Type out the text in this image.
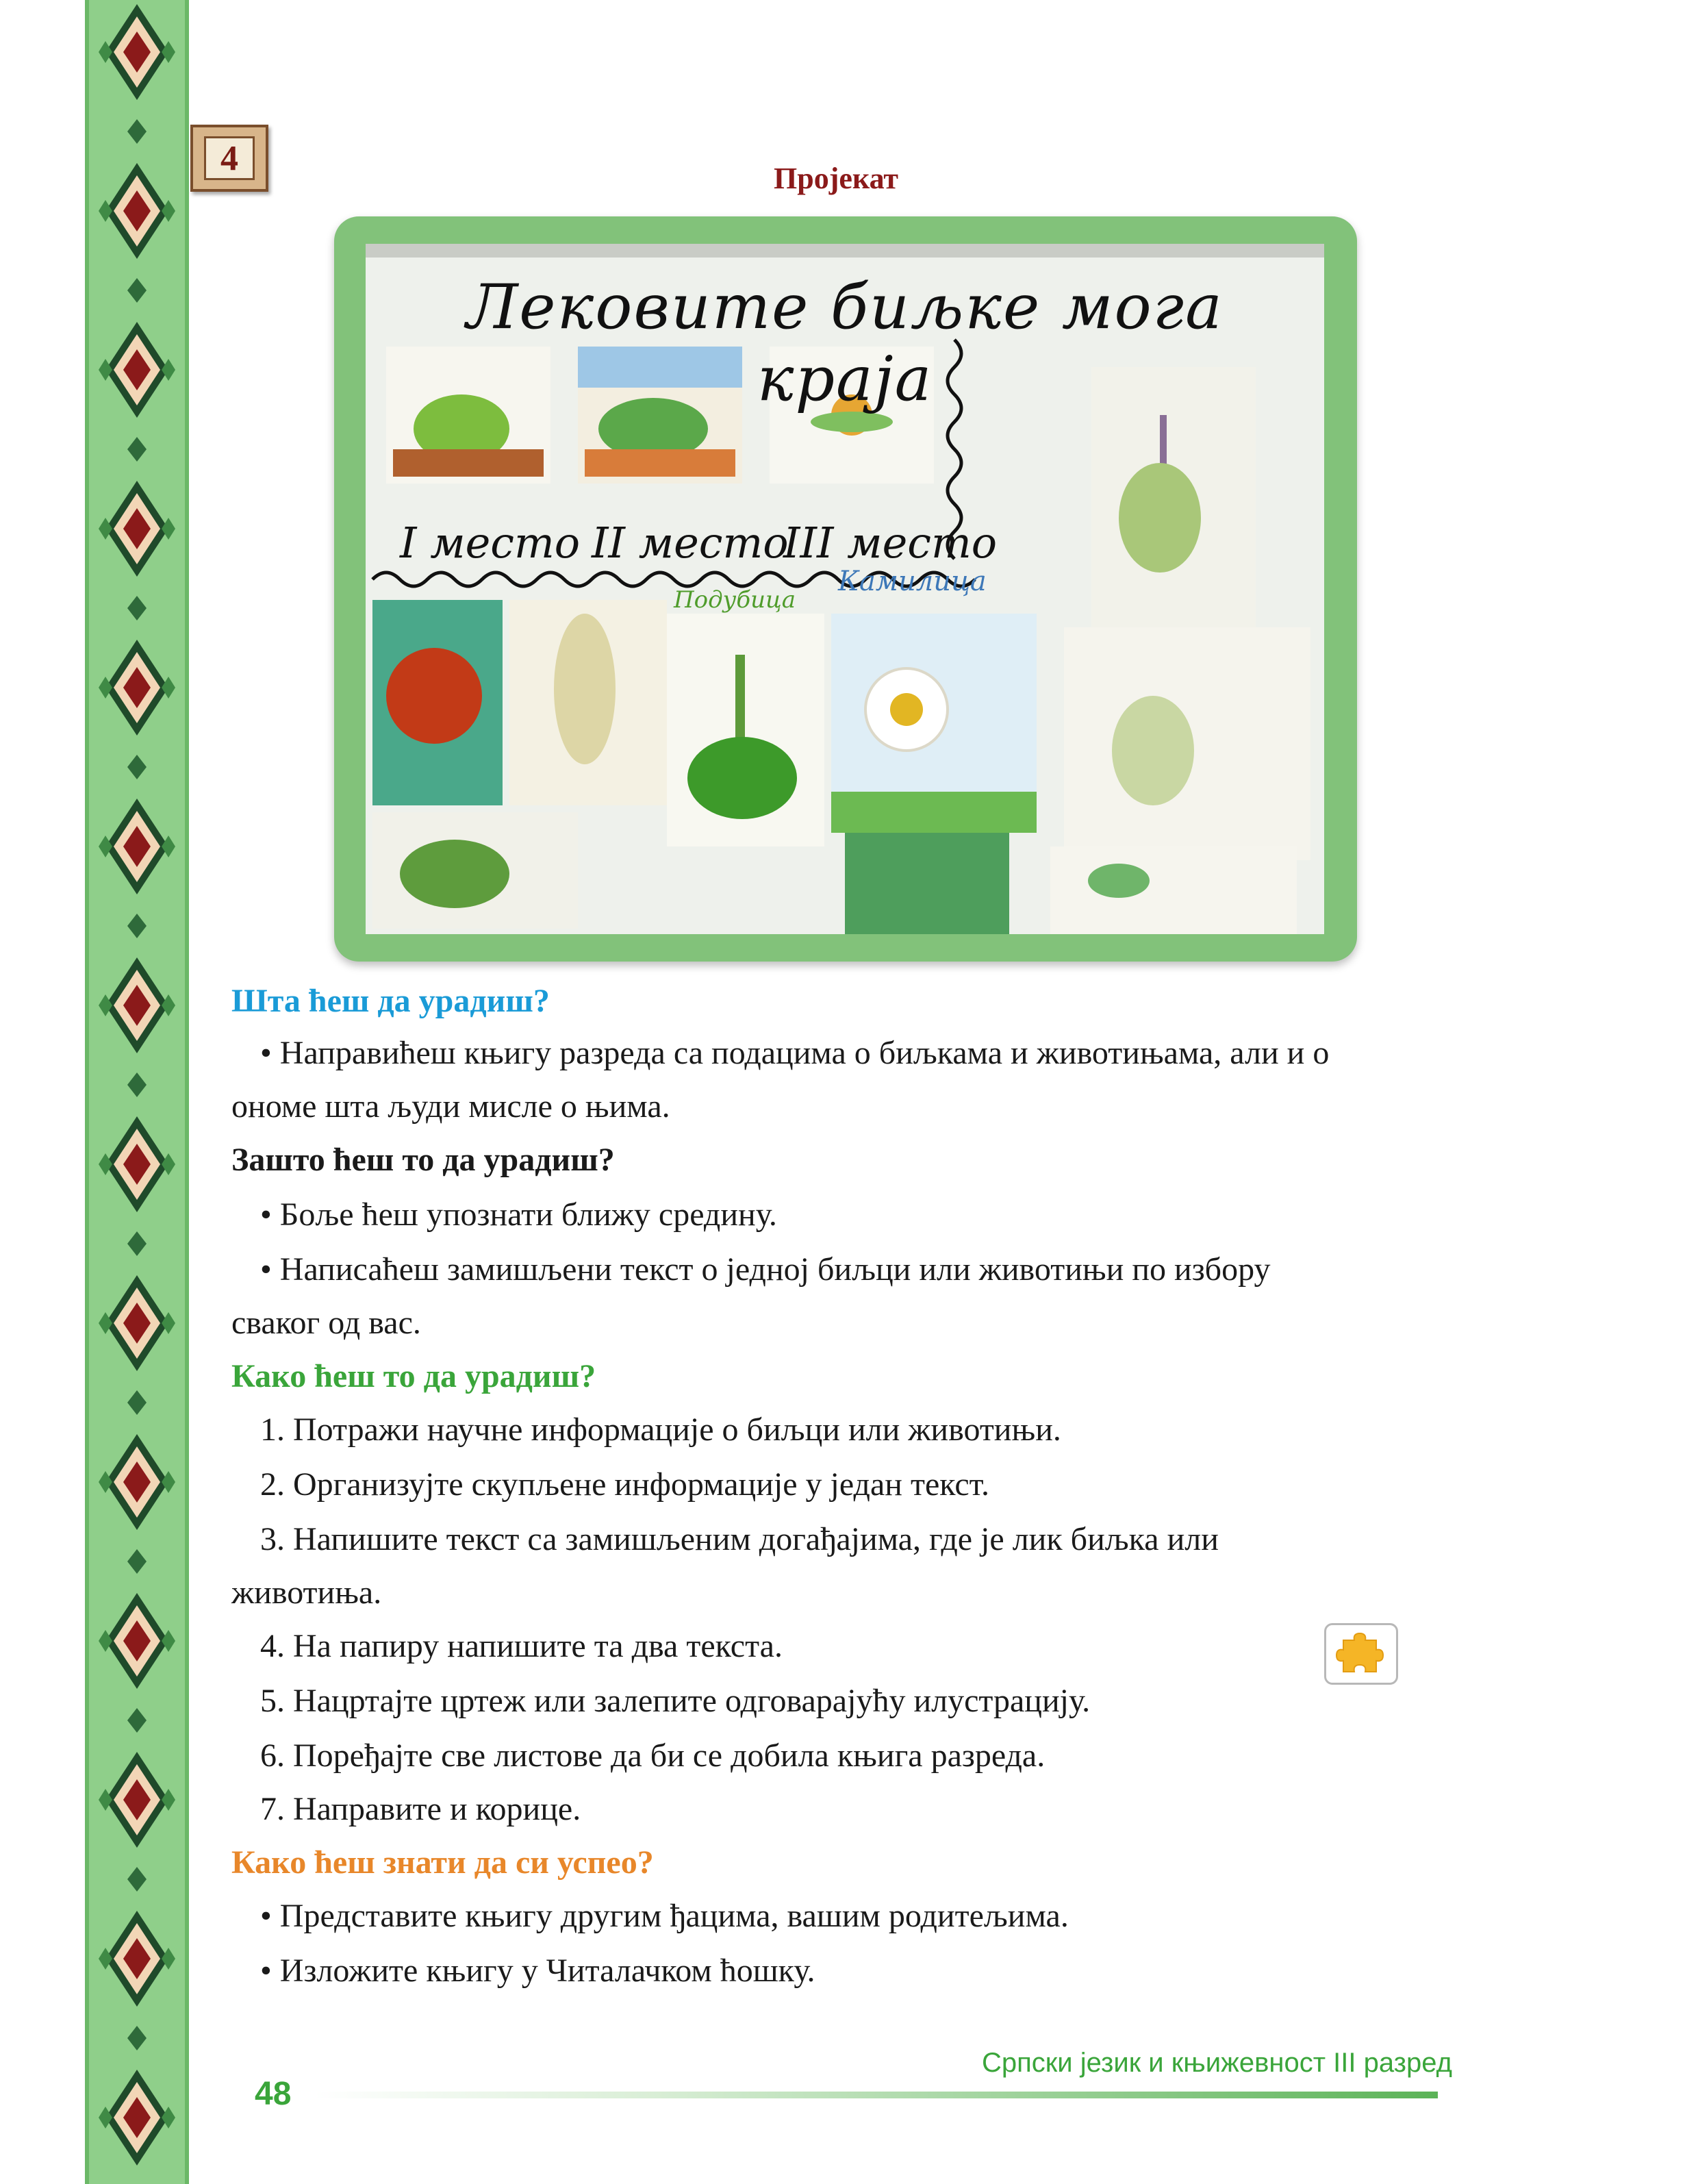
4
Пројекат
Лековите биљке мога краја
I место II место
III место
Камилица
Подубица
Шта ћеш да урадиш?
• Направићеш књигу разреда са подацима о биљкама и животињама, али и о
ономе шта људи мисле о њима.
Зашто ћеш то да урадиш?
• Боље ћеш упознати ближу средину.
• Написаћеш замишљени текст о једној биљци или животињи по избору
сваког од вас.
Како ћеш то да урадиш?
1. Потражи научне информације о биљци или животињи.
2. Организујте скупљене информације у један текст.
3. Напишите текст са замишљеним догађајима, где је лик биљка или
животиња.
4. На папиру напишите та два текста.
5. Нацртајте цртеж или залепите одговарајућу илустрацију.
6. Поређајте све листове да би се добила књига разреда.
7. Направите и корице.
Како ћеш знати да си успео?
• Представите књигу другим ђацима, вашим родитељима.
• Изложите књигу у Читалачком ћошку.
48
Српски језик и књижевност III разред
